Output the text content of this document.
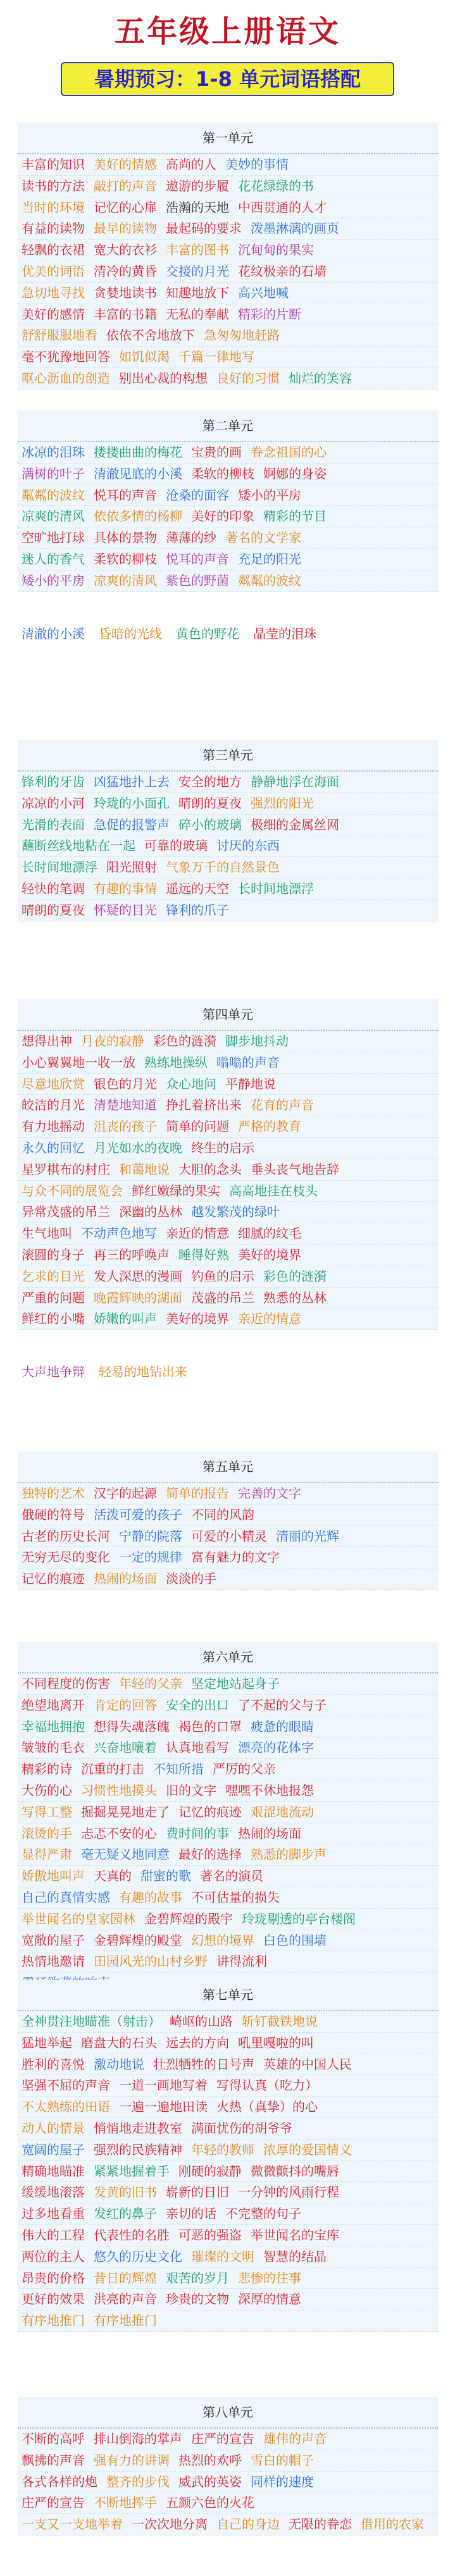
五年级上册语文
暑期预习：1-8 单元词语搭配
第一单元
丰富的知识 美好的情感 高尚的人 美妙的事情
读书的方法 敲打的声音 遨游的步履 花花绿绿的书
当时的环境 记忆的心扉 浩瀚的天地 中西贯通的人才
有益的读物 最早的读物 最起码的要求 泼墨淋漓的画页
轻飘的衣裙 宽大的衣衫 丰富的图书 沉甸甸的果实
优美的词语 清冷的黄昏 交接的月光 花纹极亲的石墙
急切地寻找 贪婪地读书 知趣地放下 高兴地喊
美好的感情 丰富的书籍 无私的奉献 精彩的片断
舒舒服服地看 依依不舍地放下 急匆匆地赶路
毫不犹豫地回答 如饥似渴 千篇一律地写
呕心沥血的创造 别出心裁的构想 良好的习惯 灿烂的笑容
第二单元
冰凉的泪珠 搂搂曲曲的梅花 宝贵的画 眷念祖国的心
满树的叶子 清澈见底的小溪 柔软的柳枝 婀娜的身姿
粼粼的波纹 悦耳的声音 沧桑的面容 矮小的平房
凉爽的清风 依依多情的杨柳 美好的印象 精彩的节目
空旷地打球 具体的景物 薄薄的纱 著名的文学家
迷人的香气 柔软的柳枝 悦耳的声音 充足的阳光
矮小的平房 凉爽的清风 紫色的野菌 粼粼的波纹
清澈的小溪 昏暗的光线 黄色的野花 晶莹的泪珠
第三单元
锋利的牙齿 凶猛地扑上去 安全的地方 静静地浮在海面
凉凉的小河 玲珑的小面孔 晴朗的夏夜 强烈的阳光
光滑的表面 急促的报警声 碎小的玻璃 极细的金属丝网
蘸断丝线地粘在一起 可靠的玻璃 讨厌的东西
长时间地漂浮 阳光照射 气象万千的自然景色
轻快的笔调 有趣的事情 遥远的天空 长时间地漂浮
晴朗的夏夜 怀疑的目光 锋利的爪子
第四单元
想得出神 月夜的寂静 彩色的涟漪 脚步地抖动
小心翼翼地一收一放 熟练地操纵 嗡嗡的声音
尽意地欣赏 银色的月光 众心地问 平静地说
皎洁的月光 清楚地知道 挣扎着挤出来 花育的声音
有力地摇动 沮丧的孩子 简单的问题 严格的教育
永久的回忆 月光如水的夜晚 终生的启示
星罗棋布的村庄 和蔼地说 大胆的念头 垂头丧气地告辞
与众不同的展览会 鲜红嫩绿的果实 高高地挂在枝头
异常茂盛的吊兰 深幽的丛林 越发繁茂的绿叶
生气地叫 不动声色地写 亲近的情意 细腻的纹毛
滚圆的身子 再三的呼唤声 睡得好熟 美好的境界
乞求的目光 发人深思的漫画 钓鱼的启示 彩色的涟漪
严重的问题 晚霞辉映的湖面 茂盛的吊兰 熟悉的丛林
鲜红的小嘴 娇嫩的叫声 美好的境界 亲近的情意
大声地争辩 轻易的地钻出来
第五单元
独特的艺术 汉字的起源 简单的报告 完善的文字
俄硬的符号 活泼可爱的孩子 不同的风韵
古老的历史长河 宁静的院落 可爱的小精灵 清丽的光辉
无穷无尽的变化 一定的规律 富有魅力的文字
记忆的痕迹 热闹的场面 淡淡的手
第六单元
不同程度的伤害 年轻的父亲 坚定地站起身子
绝望地离开 肯定的回答 安全的出口 了不起的父与子
幸福地拥抱 想得失魂落魄 褐色的口罩 疲惫的眼睛
皱皱的毛衣 兴奋地嚷着 认真地看写 漂亮的花体字
精彩的诗 沉重的打击 不知所措 严厉的父亲
大伤的心 习惯性地摸头 旧的文字 嘿嘿不休地报怨
写得工整 掘掘晃晃地走了 记忆的痕迹 艰涩地流动
滚烫的手 忐忑不安的心 费时间的事 热闹的场面
显得严肃 毫无疑义地同意 最好的选择 熟悉的脚步声
娇傲地叫声 天真的 甜蜜的歌 著名的演员
自己的真情实感 有趣的故事 不可估量的损失
举世闻名的皇家园林 金碧辉煌的殿宇 玲珑剔透的亭台楼阁
宽敞的屋子 金碧辉煌的殿堂 幻想的境界 白色的围墙
热情地邀请 田园风光的山村乡野 讲得流利
第七单元
全神贯注地瞄准（射击） 崎岖的山路 斩钉截铁地说
猛地举起 磨盘大的石头 远去的方向 吼里嘎啦的叫
胜利的喜悦 激动地说 壮烈牺牲的日号声 英雄的中国人民
坚强不屈的声音 一道一画地写着 写得认真（吃力）
不太熟练的田语 一遍一遍地田读 火热（真挚）的心
动人的情景 悄悄地走进教室 满面忧伤的胡爷爷
宽阔的屋子 强烈的民族精神 年轻的教师 浓厚的爱国情义
精确地瞄准 紧紧地握着手 刚硬的寂静 微微颤抖的嘴唇
缓缓地滚落 发黄的旧书 崭新的日旧 一分钟的风雨行程
过多地看重 发红的鼻子 亲切的话 不完整的句子
伟大的工程 代表性的名胜 可恶的强盗 举世闻名的宝库
两位的主人 悠久的历史文化 璀璨的文明 智慧的结晶
昂贵的价格 昔日的辉煌 艰苦的岁月 悲惨的往事
更好的效果 洪亮的声音 珍贵的文物 深厚的情意
有序地推门 有序地推门
第八单元
不断的高呼 排山倒海的掌声 庄严的宣告 雄伟的声音
飘拂的声音 强有力的讲调 热烈的欢呼 雪白的帽子
各式各样的炮 整齐的步伐 威武的英姿 同样的速度
庄严的宣告 不断地挥手 五颜六色的火花
一支又一支地举着 一次次地分离 自己的身边 无限的眷恋 借用的农家
